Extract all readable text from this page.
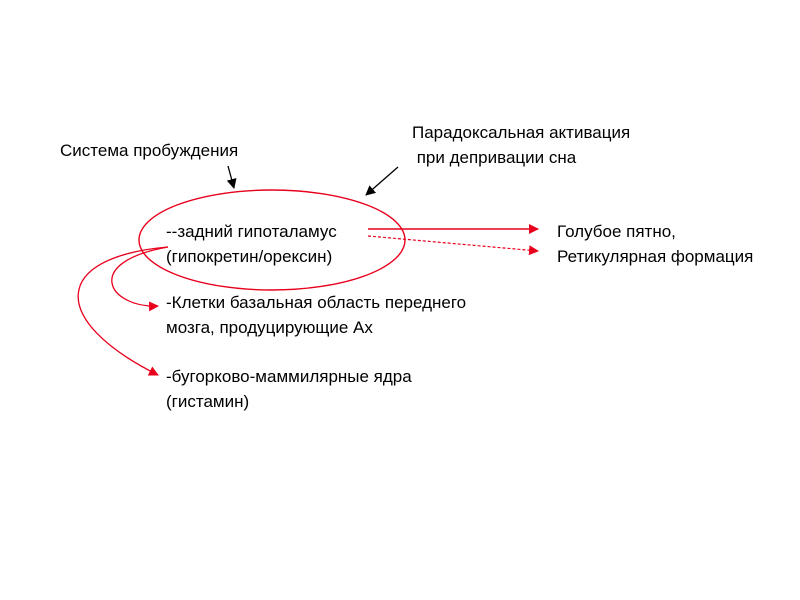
Система пробуждения

Парадоксальная активация
при депривации сна

--задний гипоталамус
(гипокретин/орексин)

Голубое пятно,
Ретикулярная формация

-Клетки базальная область переднего
мозга, продуцирующие Ах

-бугорково-маммилярные ядра
(гистамин)
